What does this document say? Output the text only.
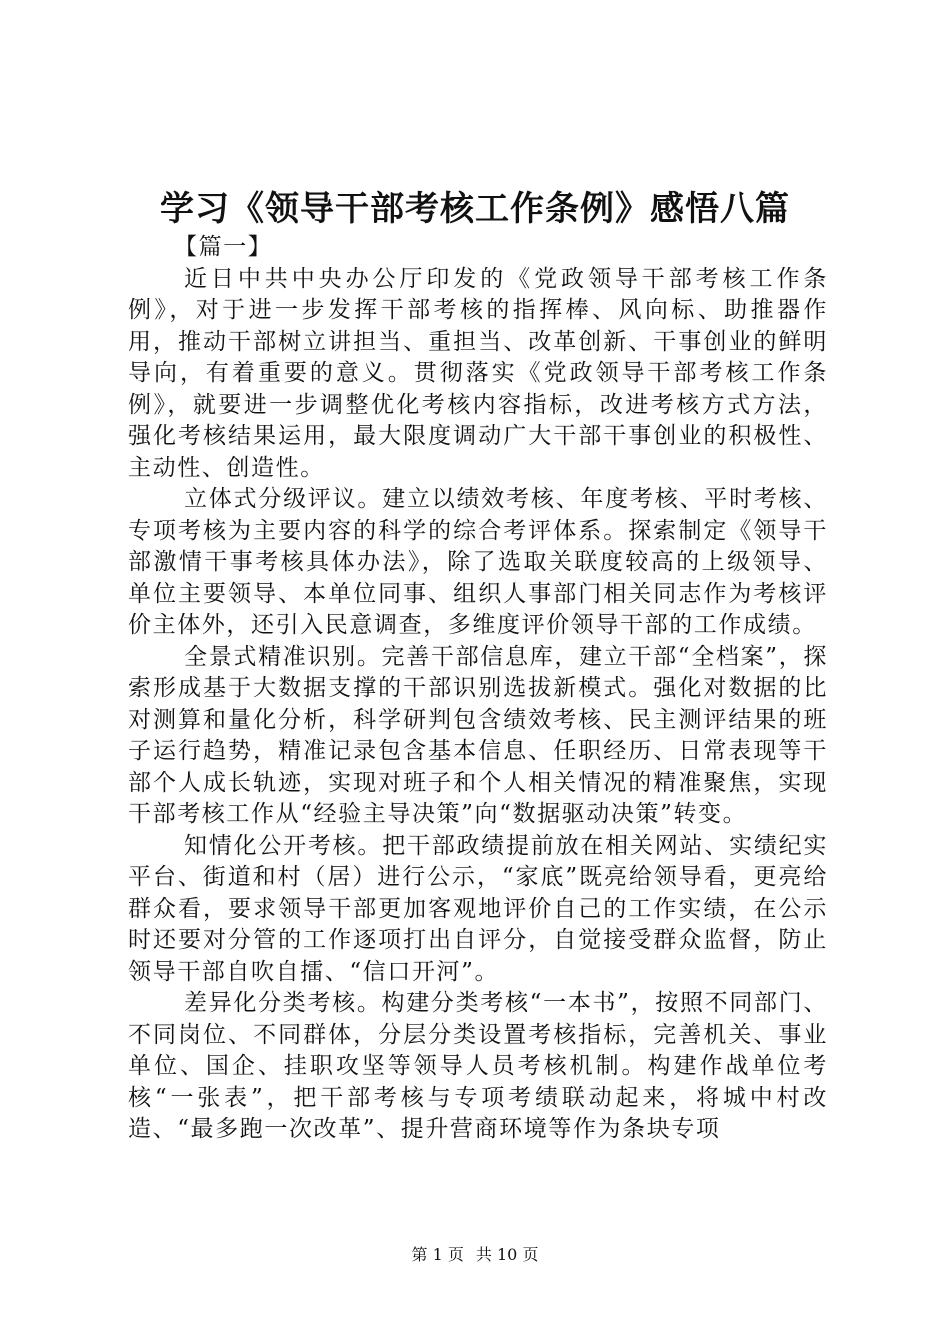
学习《领导干部考核工作条例》感悟八篇

【篇一】

近日中共中央办公厅印发的《党政领导干部考核工作条例》，对于进一步发挥干部考核的指挥棒、风向标、助推器作用，推动干部树立讲担当、重担当、改革创新、干事创业的鲜明导向，有着重要的意义。贯彻落实《党政领导干部考核工作条例》，就要进一步调整优化考核内容指标，改进考核方式方法，强化考核结果运用，最大限度调动广大干部干事创业的积极性、主动性、创造性。

立体式分级评议。建立以绩效考核、年度考核、平时考核、专项考核为主要内容的科学的综合考评体系。探索制定《领导干部激情干事考核具体办法》，除了选取关联度较高的上级领导、单位主要领导、本单位同事、组织人事部门相关同志作为考核评价主体外，还引入民意调查，多维度评价领导干部的工作成绩。

全景式精准识别。完善干部信息库，建立干部“全档案”，探索形成基于大数据支撑的干部识别选拔新模式。强化对数据的比对测算和量化分析，科学研判包含绩效考核、民主测评结果的班子运行趋势，精准记录包含基本信息、任职经历、日常表现等干部个人成长轨迹，实现对班子和个人相关情况的精准聚焦，实现干部考核工作从“经验主导决策”向“数据驱动决策”转变。

知情化公开考核。把干部政绩提前放在相关网站、实绩纪实平台、街道和村（居）进行公示，“家底”既亮给领导看，更亮给群众看，要求领导干部更加客观地评价自己的工作实绩，在公示时还要对分管的工作逐项打出自评分，自觉接受群众监督，防止领导干部自吹自擂、“信口开河”。

差异化分类考核。构建分类考核“一本书”，按照不同部门、不同岗位、不同群体，分层分类设置考核指标，完善机关、事业单位、国企、挂职攻坚等领导人员考核机制。构建作战单位考核“一张表”，把干部考核与专项考绩联动起来，将城中村改造、“最多跑一次改革”、提升营商环境等作为条块专项

第 1 页 共 10 页
